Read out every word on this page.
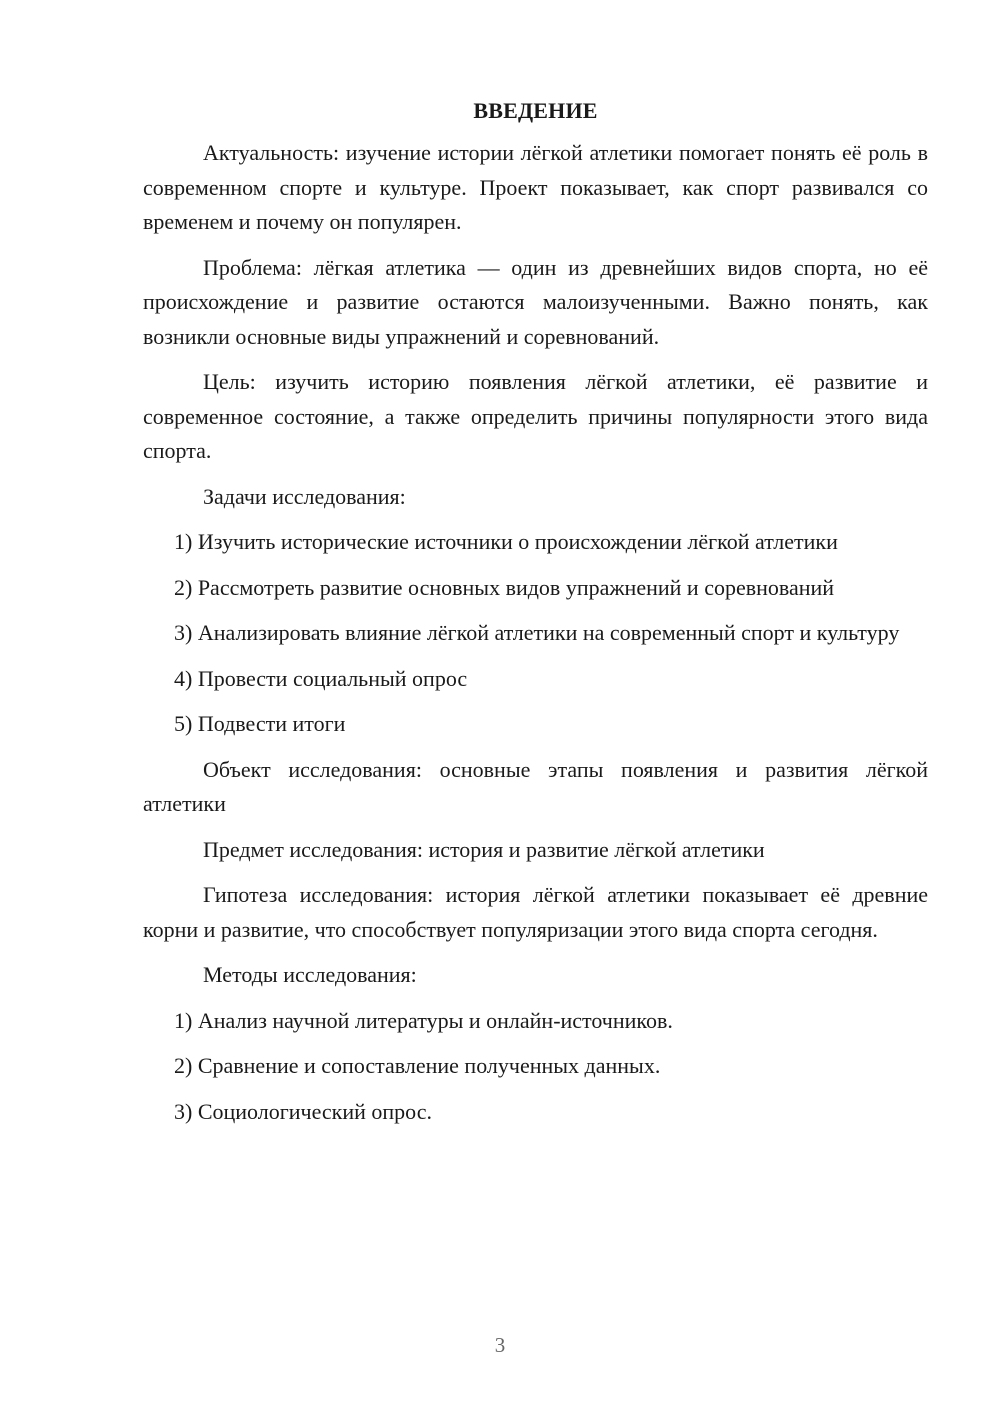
ВВЕДЕНИЕ

Актуальность: изучение истории лёгкой атлетики помогает понять её роль в современном спорте и культуре. Проект показывает, как спорт развивался со временем и почему он популярен.

Проблема: лёгкая атлетика — один из древнейших видов спорта, но её происхождение и развитие остаются малоизученными. Важно понять, как возникли основные виды упражнений и соревнований.

Цель: изучить историю появления лёгкой атлетики, её развитие и современное состояние, а также определить причины популярности этого вида спорта.

Задачи исследования:

1) Изучить исторические источники о происхождении лёгкой атлетики

2) Рассмотреть развитие основных видов упражнений и соревнований

3) Анализировать влияние лёгкой атлетики на современный спорт и культуру

4) Провести социальный опрос

5) Подвести итоги

Объект исследования: основные этапы появления и развития лёгкой атлетики

Предмет исследования: история и развитие лёгкой атлетики

Гипотеза исследования: история лёгкой атлетики показывает её древние корни и развитие, что способствует популяризации этого вида спорта сегодня.

Методы исследования:

1) Анализ научной литературы и онлайн-источников.

2) Сравнение и сопоставление полученных данных.

3) Социологический опрос.

3
